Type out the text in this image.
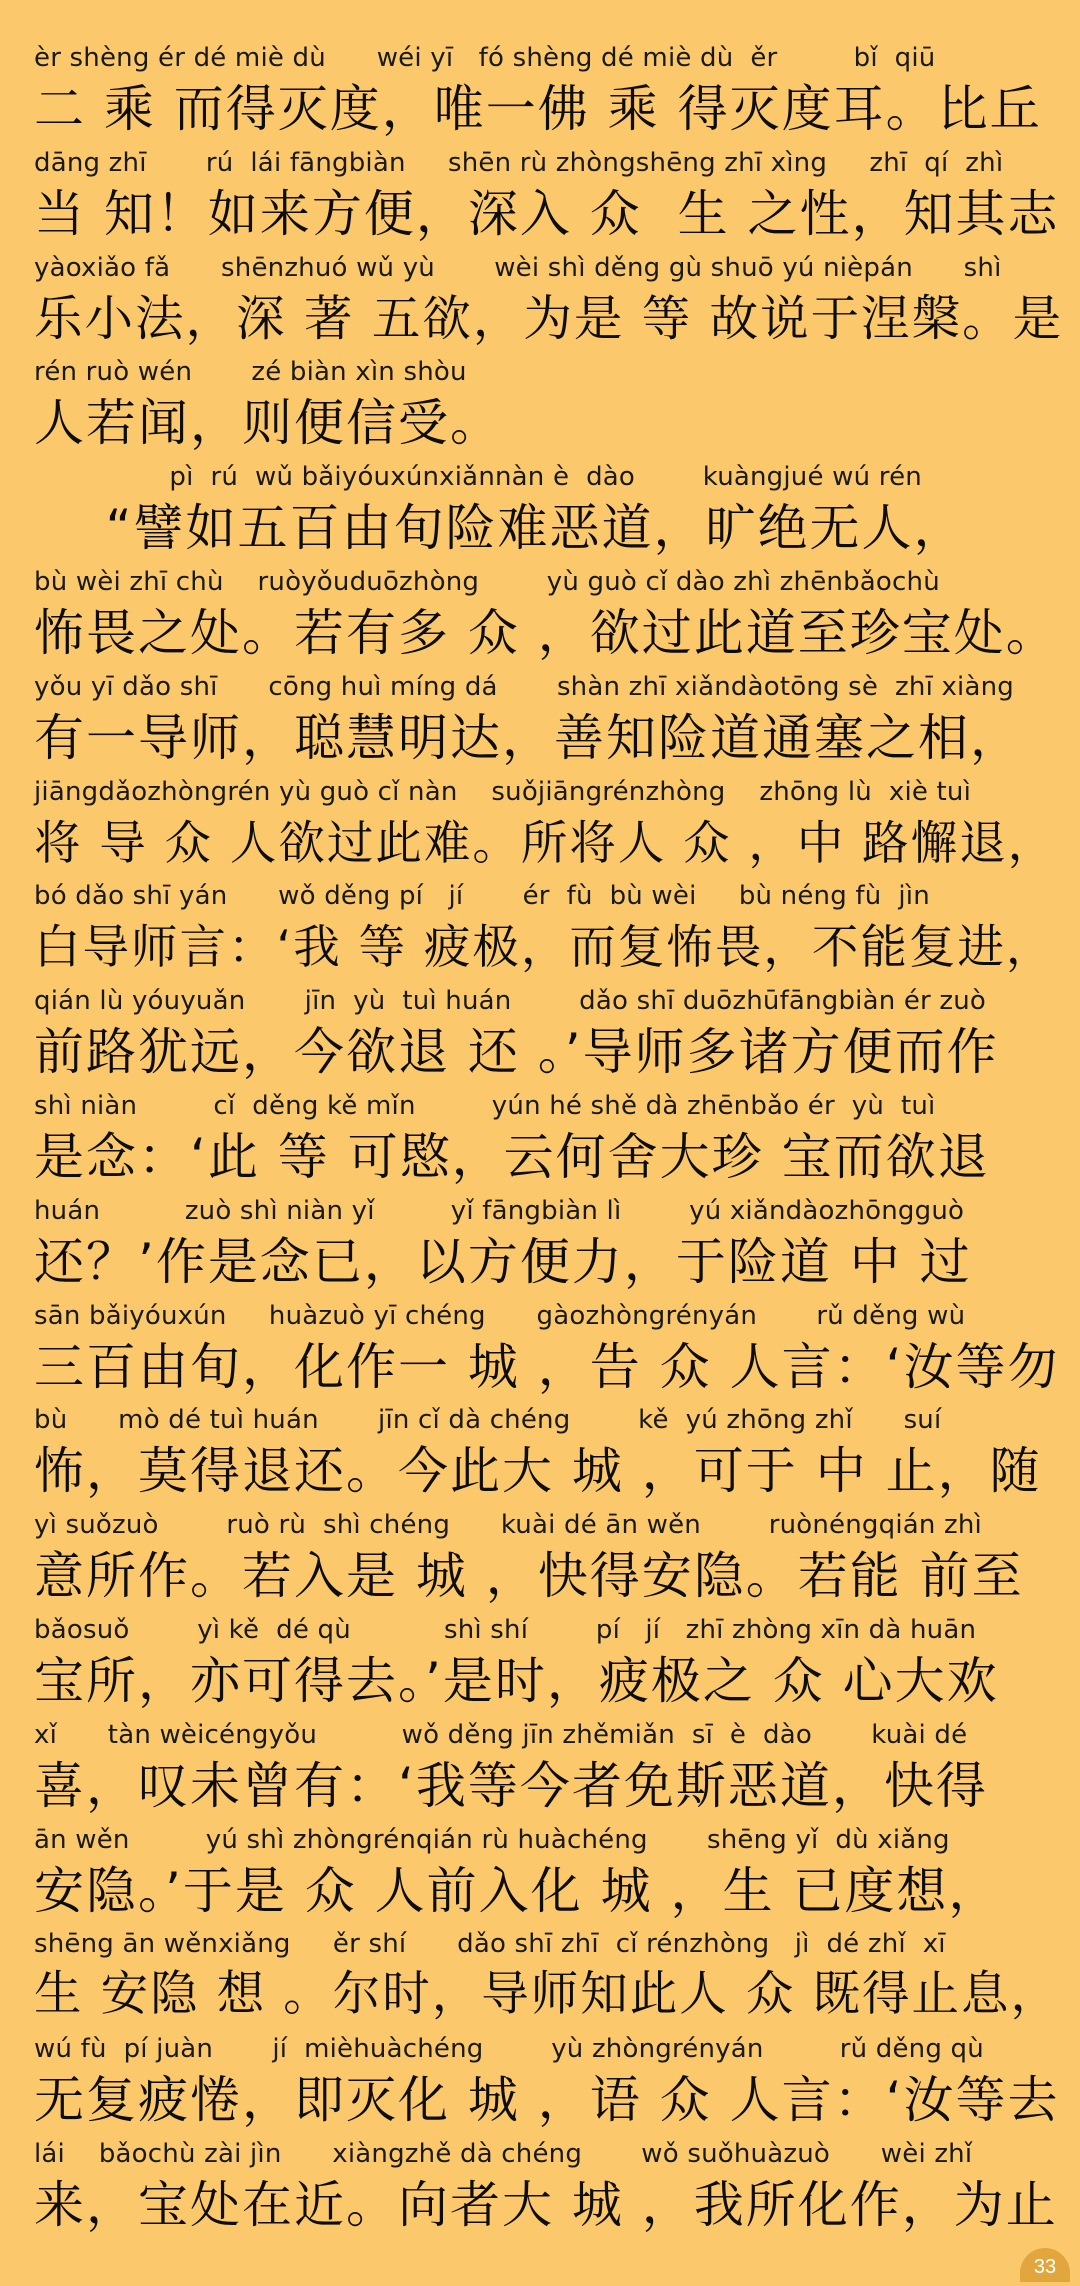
èr shèng ér dé miè dù      wéi yī   fó shèng dé miè dù  ěr         bǐ  qiū
二 乘 而得灭度，唯一佛 乘 得灭度耳。比丘
dāng zhī       rú  lái fāngbiàn     shēn rù zhòngshēng zhī xìng     zhī  qí  zhì
当 知！如来方便，深入 众  生 之性，知其志
yàoxiǎo fǎ      shēnzhuó wǔ yù       wèi shì děng gù shuō yú nièpán      shì
乐小法，深 著 五欲，为是 等 故说于涅槃。是
rén ruò wén       zé biàn xìn shòu
人若闻，则便信受。
pì  rú  wǔ bǎiyóuxúnxiǎnnàn è  dào        kuàngjué wú rén
“譬如五百由旬险难恶道，旷绝无人，
bù wèi zhī chù    ruòyǒuduōzhòng        yù guò cǐ dào zhì zhēnbǎochù
怖畏之处。若有多 众 ，欲过此道至珍宝处。
yǒu yī dǎo shī      cōng huì míng dá       shàn zhī xiǎndàotōng sè  zhī xiàng
有一导师，聪慧明达，善知险道通塞之相，
jiāngdǎozhòngrén yù guò cǐ nàn    suǒjiāngrénzhòng    zhōng lù  xiè tuì
将 导 众 人欲过此难。所将人 众 ，中 路懈退，
bó dǎo shī yán      wǒ děng pí   jí       ér  fù  bù wèi     bù néng fù  jìn
白导师言：‘我 等 疲极，而复怖畏，不能复进，
qián lù yóuyuǎn       jīn  yù  tuì huán        dǎo shī duōzhūfāngbiàn ér zuò
前路犹远，今欲退 还 。’导师多诸方便而作
shì niàn         cǐ  děng kě mǐn         yún hé shě dà zhēnbǎo ér  yù  tuì
是念：‘此 等 可愍，云何舍大珍 宝而欲退
huán          zuò shì niàn yǐ         yǐ fāngbiàn lì        yú xiǎndàozhōngguò
还？’作是念已，以方便力，于险道 中 过
sān bǎiyóuxún     huàzuò yī chéng      gàozhòngrényán       rǔ děng wù
三百由旬，化作一 城 ，告 众 人言：‘汝等勿
bù      mò dé tuì huán       jīn cǐ dà chéng        kě  yú zhōng zhǐ      suí
怖，莫得退还。今此大 城 ，可于 中 止，随
yì suǒzuò        ruò rù  shì chéng      kuài dé ān wěn        ruònéngqián zhì
意所作。若入是 城 ，快得安隐。若能 前至
bǎosuǒ        yì kě  dé qù           shì shí        pí   jí   zhī zhòng xīn dà huān
宝所，亦可得去。’是时，疲极之 众 心大欢
xǐ      tàn wèicéngyǒu          wǒ děng jīn zhěmiǎn  sī  è  dào       kuài dé
喜，叹未曾有：‘我等今者免斯恶道，快得
ān wěn         yú shì zhòngrénqián rù huàchéng       shēng yǐ  dù xiǎng
安隐。’于是 众 人前入化 城 ，生 已度想，
shēng ān wěnxiǎng     ěr shí      dǎo shī zhī  cǐ rénzhòng   jì  dé zhǐ  xī
生 安隐 想 。尔时，导师知此人 众 既得止息，
wú fù  pí juàn       jí  mièhuàchéng        yù zhòngrényán         rǔ děng qù
无复疲惓，即灭化 城 ，语 众 人言：‘汝等去
lái    bǎochù zài jìn      xiàngzhě dà chéng       wǒ suǒhuàzuò      wèi zhǐ
来，宝处在近。向者大 城 ，我所化作，为止
33
